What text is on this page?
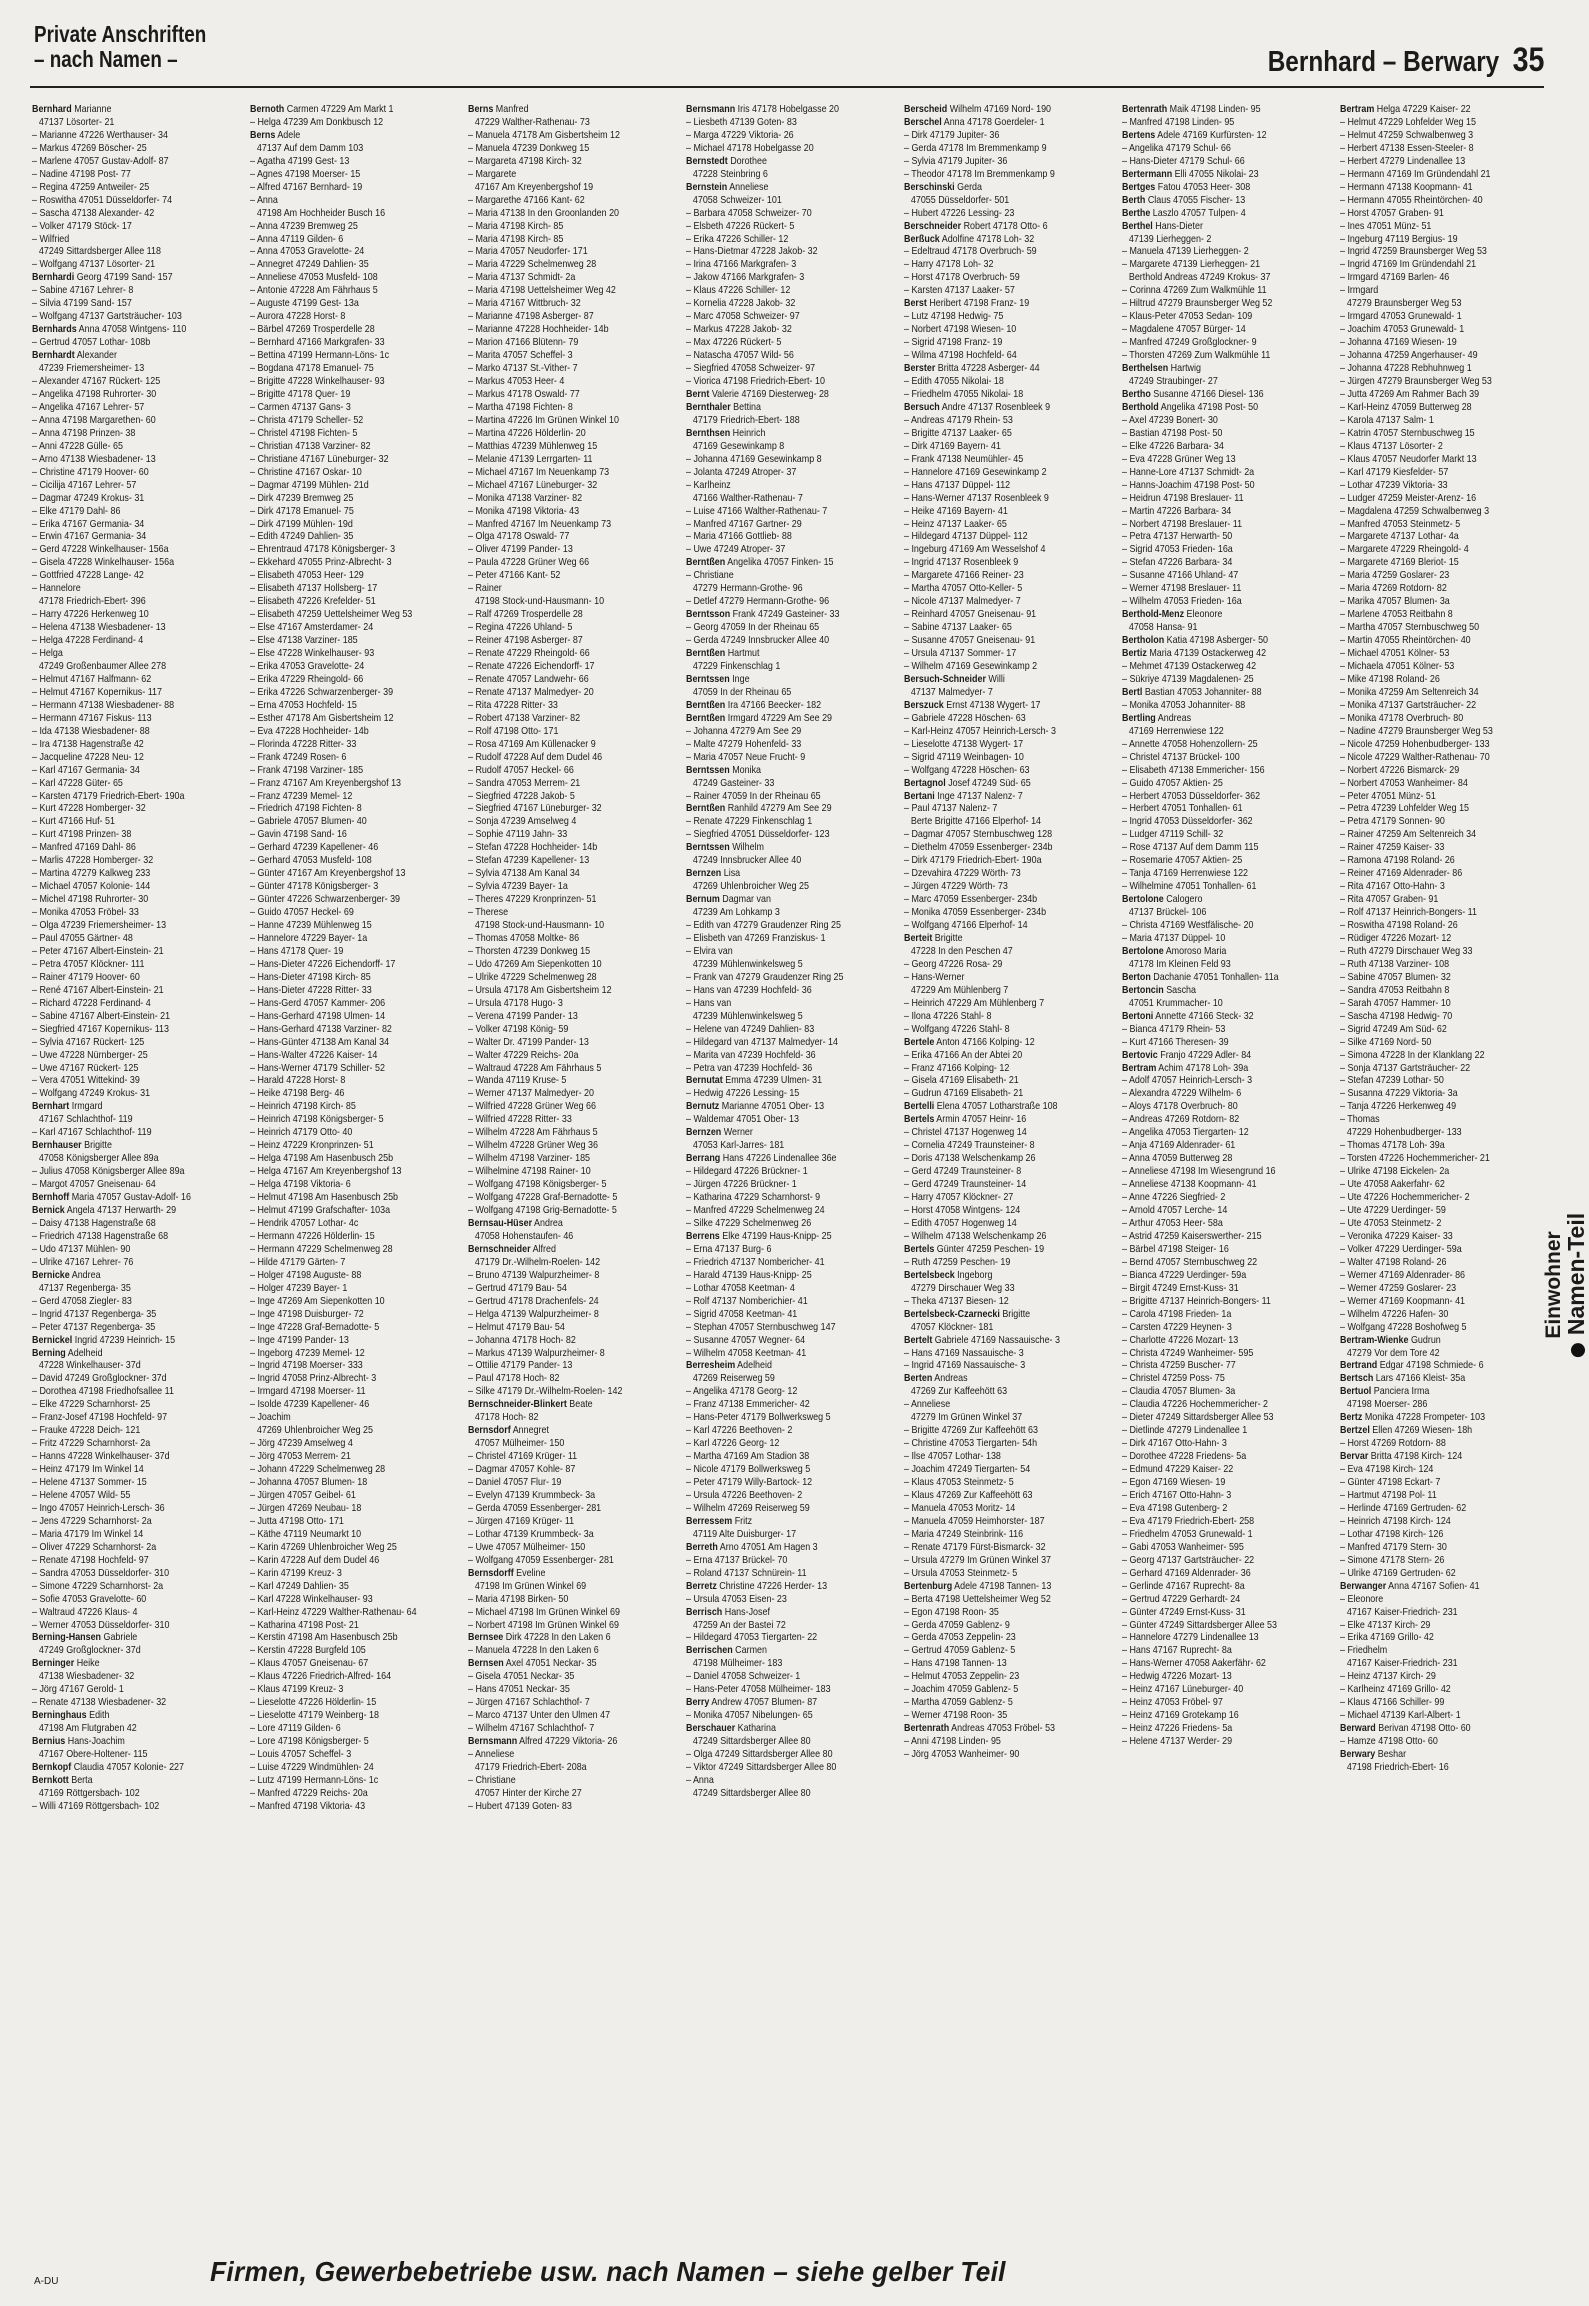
Private Anschriften
– nach Namen –	Bernhard – Berwary 35
Bernhard Marianne
47137 Lösorter- 21
– Marianne 47226 Werthauser- 34
– Markus 47269 Böscher- 25
– Marlene 47057 Gustav-Adolf- 87
– Nadine 47198 Post- 77
– Regina 47259 Antweiler- 25
– Roswitha 47051 Düsseldorfer- 74
– Sascha 47138 Alexander- 42
– Volker 47179 Stöck- 17
– Wilfried
47249 Sittardsberger Allee 118
– Wolfgang 47137 Lösorter- 21
Bernhardi Georg 47199 Sand- 157
– Sabine 47167 Lehrer- 8
– Silvia 47199 Sand- 157
– Wolfgang 47137 Gartsträucher- 103
Bernhards Anna 47058 Wintgens- 110
– Gertrud 47057 Lothar- 108b
Bernhardt Alexander
47239 Friemersheimer- 13
– Alexander 47167 Rückert- 125
– Angelika 47198 Ruhrorter- 30
– Angelika 47167 Lehrer- 57
– Anna 47198 Margarethen- 60
– Anna 47198 Prinzen- 38
– Anni 47228 Gülle- 65
– Arno 47138 Wiesbadener- 13
– Christine 47179 Hoover- 60
– Cicilija 47167 Lehrer- 57
– Dagmar 47249 Krokus- 31
– Elke 47179 Dahl- 86
– Erika 47167 Germania- 34
– Erwin 47167 Germania- 34
– Gerd 47228 Winkelhauser- 156a
– Gisela 47228 Winkelhauser- 156a
– Gottfried 47228 Lange- 42
– Hannelore
47178 Friedrich-Ebert- 396
– Harry 47226 Herkenweg 10
– Helena 47138 Wiesbadener- 13
– Helga 47228 Ferdinand- 4
– Helga
47249 Großenbaumer Allee 278
– Helmut 47167 Halfmann- 62
– Helmut 47167 Kopernikus- 117
– Hermann 47138 Wiesbadener- 88
– Hermann 47167 Fiskus- 113
– Ida 47138 Wiesbadener- 88
– Ira 47138 Hagenstraße 42
– Jacqueline 47228 Neu- 12
– Karl 47167 Germania- 34
– Karl 47228 Güter- 65
– Karsten 47179 Friedrich-Ebert- 190a
– Kurt 47228 Homberger- 32
– Kurt 47166 Huf- 51
– Kurt 47198 Prinzen- 38
– Manfred 47169 Dahl- 86
– Marlis 47228 Homberger- 32
– Martina 47279 Kalkweg 233
– Michael 47057 Kolonie- 144
– Michel 47198 Ruhrorter- 30
– Monika 47053 Fröbel- 33
– Olga 47239 Friemersheimer- 13
– Paul 47055 Gärtner- 48
– Peter 47167 Albert-Einstein- 21
– Petra 47057 Klöckner- 111
– Rainer 47179 Hoover- 60
– René 47167 Albert-Einstein- 21
– Richard 47228 Ferdinand- 4
– Sabine 47167 Albert-Einstein- 21
– Siegfried 47167 Kopernikus- 113
– Sylvia 47167 Rückert- 125
– Uwe 47228 Nürnberger- 25
– Uwe 47167 Rückert- 125
– Vera 47051 Wittekind- 39
– Wolfgang 47249 Krokus- 31
Bernhart Irmgard
47167 Schlachthof- 119
– Karl 47167 Schlachthof- 119
Bernhauser Brigitte
47058 Königsberger Allee 89a
– Julius 47058 Königsberger Allee 89a
– Margot 47057 Gneisenau- 64
Bernhoff Maria 47057 Gustav-Adolf- 16
Bernick Angela 47137 Herwarth- 29
– Daisy 47138 Hagenstraße 68
– Friedrich 47138 Hagenstraße 68
– Udo 47137 Mühlen- 90
– Ulrike 47167 Lehrer- 76
Bernicke Andrea
47137 Regenberga- 35
– Gerd 47058 Ziegler- 83
– Ingrid 47137 Regenberga- 35
– Peter 47137 Regenberga- 35
Bernickel Ingrid 47239 Heinrich- 15
Berning Adelheid
47228 Winkelhauser- 37d
– David 47249 Großglockner- 37d
– Dorothea 47198 Friedhofsallee 11
– Elke 47229 Scharnhorst- 25
– Franz-Josef 47198 Hochfeld- 97
– Frauke 47228 Deich- 121
– Fritz 47229 Scharnhorst- 2a
– Hanns 47228 Winkelhauser- 37d
– Heinz 47179 Im Winkel 14
– Helene 47137 Sommer- 15
– Helene 47057 Wild- 55
– Ingo 47057 Heinrich-Lersch- 36
– Jens 47229 Scharnhorst- 2a
– Maria 47179 Im Winkel 14
– Oliver 47229 Scharnhorst- 2a
– Renate 47198 Hochfeld- 97
– Sandra 47053 Düsseldorfer- 310
– Simone 47229 Scharnhorst- 2a
– Sofie 47053 Gravelotte- 60
– Waltraud 47226 Klaus- 4
– Werner 47053 Düsseldorfer- 310
Berning-Hansen Gabriele
47249 Großglockner- 37d
Berninger Heike
47138 Wiesbadener- 32
– Jörg 47167 Gerold- 1
– Renate 47138 Wiesbadener- 32
Berninghaus Edith
47198 Am Flutgraben 42
Bernius Hans-Joachim
47167 Obere-Holtener- 115
Bernkopf Claudia 47057 Kolonie- 227
Bernkott Berta
47169 Röttgersbach- 102
– Willi 47169 Röttgersbach- 102
Bernoth Carmen 47229 Am Markt 1
– Helga 47239 Am Donkbusch 12
Berns Adele
47137 Auf dem Damm 103
– Agatha 47199 Gest- 13
– Agnes 47198 Moerser- 15
– Alfred 47167 Bernhard- 19
– Anna
47198 Am Hochheider Busch 16
– Anna 47239 Bremweg 25
– Anna 47119 Gilden- 6
– Anna 47053 Gravelotte- 24
– Annegret 47249 Dahlien- 35
– Anneliese 47053 Musfeld- 108
– Antonie 47228 Am Fährhaus 5
– Auguste 47199 Gest- 13a
– Aurora 47228 Horst- 8
– Bärbel 47269 Trosperdelle 28
– Bernhard 47166 Markgrafen- 33
– Bettina 47199 Hermann-Löns- 1c
– Bogdana 47178 Emanuel- 75
– Brigitte 47228 Winkelhauser- 93
– Brigitte 47178 Quer- 19
– Carmen 47137 Gans- 3
– Christa 47179 Scheller- 52
– Christel 47198 Fichten- 5
– Christian 47138 Varziner- 82
– Christiane 47167 Lüneburger- 32
– Christine 47167 Oskar- 10
– Dagmar 47199 Mühlen- 21d
– Dirk 47239 Bremweg 25
– Dirk 47178 Emanuel- 75
– Dirk 47199 Mühlen- 19d
– Edith 47249 Dahlien- 35
– Ehrentraud 47178 Königsberger- 3
– Ekkehard 47055 Prinz-Albrecht- 3
– Elisabeth 47053 Heer- 129
– Elisabeth 47137 Hollsberg- 17
– Elisabeth 47226 Krefelder- 51
– Elisabeth 47259 Uettelsheimer Weg 53
– Else 47167 Amsterdamer- 24
– Else 47138 Varziner- 185
– Else 47228 Winkelhauser- 93
– Erika 47053 Gravelotte- 24
– Erika 47229 Rheingold- 66
– Erika 47226 Schwarzenberger- 39
– Erna 47053 Hochfeld- 15
– Esther 47178 Am Gisbertsheim 12
– Eva 47228 Hochheider- 14b
– Florinda 47228 Ritter- 33
– Frank 47249 Rosen- 6
– Frank 47198 Varziner- 185
– Franz 47167 Am Kreyenbergshof 13
– Franz 47239 Memel- 12
– Friedrich 47198 Fichten- 8
– Gabriele 47057 Blumen- 40
– Gavin 47198 Sand- 16
– Gerhard 47239 Kapellener- 46
– Gerhard 47053 Musfeld- 108
– Günter 47167 Am Kreyenbergshof 13
– Günter 47178 Königsberger- 3
– Günter 47226 Schwarzenberger- 39
– Guido 47057 Heckel- 69
– Hanne 47239 Mühlenweg 15
– Hannelore 47229 Bayer- 1a
– Hans 47178 Quer- 19
– Hans-Dieter 47226 Eichendorff- 17
– Hans-Dieter 47198 Kirch- 85
– Hans-Dieter 47228 Ritter- 33
– Hans-Gerd 47057 Kammer- 206
– Hans-Gerhard 47198 Ulmen- 14
– Hans-Gerhard 47138 Varziner- 82
– Hans-Günter 47138 Am Kanal 34
– Hans-Walter 47226 Kaiser- 14
– Hans-Werner 47179 Schiller- 52
– Harald 47228 Horst- 8
– Heike 47198 Berg- 46
– Heinrich 47198 Kirch- 85
– Heinrich 47198 Königsberger- 5
– Heinrich 47179 Otto- 40
– Heinz 47229 Kronprinzen- 51
– Helga 47198 Am Hasenbusch 25b
– Helga 47167 Am Kreyenbergshof 13
– Helga 47198 Viktoria- 6
– Helmut 47198 Am Hasenbusch 25b
– Helmut 47199 Grafschafter- 103a
– Hendrik 47057 Lothar- 4c
– Hermann 47226 Hölderlin- 15
– Hermann 47229 Schelmenweg 28
– Hilde 47179 Gärten- 7
– Holger 47198 Auguste- 88
– Holger 47239 Bayer- 1
– Inge 47269 Am Siepenkotten 10
– Inge 47198 Duisburger- 72
– Inge 47228 Graf-Bernadotte- 5
– Inge 47199 Pander- 13
– Ingeborg 47239 Memel- 12
– Ingrid 47198 Moerser- 333
– Ingrid 47058 Prinz-Albrecht- 3
– Irmgard 47198 Moerser- 11
– Isolde 47239 Kapellener- 46
– Joachim
47269 Uhlenbroicher Weg 25
– Jörg 47239 Amselweg 4
– Jörg 47053 Merrem- 21
– Johann 47229 Schelmenweg 28
– Johanna 47057 Blumen- 18
– Jürgen 47057 Geibel- 61
– Jürgen 47269 Neubau- 18
– Jutta 47198 Otto- 171
– Käthe 47119 Neumarkt 10
– Karin 47269 Uhlenbroicher Weg 25
– Karin 47228 Auf dem Dudel 46
– Karin 47199 Kreuz- 3
– Karl 47249 Dahlien- 35
– Karl 47228 Winkelhauser- 93
– Karl-Heinz 47229 Walther-Rathenau- 64
– Katharina 47198 Post- 21
– Kerstin 47198 Am Hasenbusch 25b
– Kerstin 47228 Burgfeld 105
– Klaus 47057 Gneisenau- 67
– Klaus 47226 Friedrich-Alfred- 164
– Klaus 47199 Kreuz- 3
– Lieselotte 47226 Hölderlin- 15
– Lieselotte 47179 Weinberg- 18
– Lore 47119 Gilden- 6
– Lore 47198 Königsberger- 5
– Louis 47057 Scheffel- 3
– Luise 47229 Windmühlen- 24
– Lutz 47199 Hermann-Löns- 1c
– Manfred 47229 Reichs- 20a
– Manfred 47198 Viktoria- 43
Berns Manfred
47229 Walther-Rathenau- 73
– Manuela 47178 Am Gisbertsheim 12
– Manuela 47239 Donkweg 15
– Margareta 47198 Kirch- 32
– Margarete
47167 Am Kreyenbergshof 19
– Margarethe 47166 Kant- 62
– Maria 47138 In den Groonlanden 20
– Maria 47198 Kirch- 85
– Maria 47198 Kirch- 85
– Maria 47057 Neudorfer- 171
– Maria 47229 Schelmenweg 28
– Maria 47137 Schmidt- 2a
– Maria 47198 Uettelsheimer Weg 42
– Maria 47167 Wittbruch- 32
– Marianne 47198 Asberger- 87
– Marianne 47228 Hochheider- 14b
– Marion 47166 Blütenn- 79
– Marita 47057 Scheffel- 3
– Marko 47137 St.-Vither- 7
– Markus 47053 Heer- 4
– Markus 47178 Oswald- 77
– Martha 47198 Fichten- 8
– Martina 47226 Im Grünen Winkel 10
– Martina 47226 Hölderlin- 20
– Matthias 47239 Mühlenweg 15
– Melanie 47139 Lerrgarten- 11
– Michael 47167 Im Neuenkamp 73
– Michael 47167 Lüneburger- 32
– Monika 47138 Varziner- 82
– Monika 47198 Viktoria- 43
– Manfred 47167 Im Neuenkamp 73
– Olga 47178 Oswald- 77
– Oliver 47199 Pander- 13
– Paula 47228 Grüner Weg 66
– Peter 47166 Kant- 52
– Rainer
47198 Stock-und-Hausmann- 10
– Ralf 47269 Trosperdelle 28
– Regina 47226 Uhland- 5
– Reiner 47198 Asberger- 87
– Renate 47229 Rheingold- 66
– Renate 47226 Eichendorff- 17
– Renate 47057 Landwehr- 66
– Renate 47137 Malmedyer- 20
– Rita 47228 Ritter- 33
– Robert 47138 Varziner- 82
– Rolf 47198 Otto- 171
– Rosa 47169 Am Küllenacker 9
– Rudolf 47228 Auf dem Dudel 46
– Rudolf 47057 Heckel- 66
– Sandra 47053 Merrem- 21
– Siegfried 47228 Jakob- 5
– Siegfried 47167 Lüneburger- 32
– Sonja 47239 Amselweg 4
– Sophie 47119 Jahn- 33
– Stefan 47228 Hochheider- 14b
– Stefan 47239 Kapellener- 13
– Sylvia 47138 Am Kanal 34
– Sylvia 47239 Bayer- 1a
– Theres 47229 Kronprinzen- 51
– Therese
47198 Stock-und-Hausmann- 10
– Thomas 47058 Moltke- 86
– Thorsten 47239 Donkweg 15
– Udo 47269 Am Siepenkotten 10
– Ulrike 47229 Schelmenweg 28
– Ursula 47178 Am Gisbertsheim 12
– Ursula 47178 Hugo- 3
– Verena 47199 Pander- 13
– Volker 47198 König- 59
– Walter Dr. 47199 Pander- 13
– Walter 47229 Reichs- 20a
– Waltraud 47228 Am Fährhaus 5
– Wanda 47119 Kruse- 5
– Werner 47137 Malmedyer- 20
– Wilfried 47228 Grüner Weg 66
– Wilfried 47228 Ritter- 33
– Wilhelm 47228 Am Fährhaus 5
– Wilhelm 47228 Grüner Weg 36
– Wilhelm 47198 Varziner- 185
– Wilhelmine 47198 Rainer- 10
– Wolfgang 47198 Königsberger- 5
– Wolfgang 47228 Graf-Bernadotte- 5
– Wolfgang 47198 Grig-Bernadotte- 5
Bernsau-Hüser Andrea
47058 Hohenstaufen- 46
Bernschneider Alfred
47179 Dr.-Wilhelm-Roelen- 142
– Bruno 47139 Walpurzheimer- 8
– Gertrud 47179 Bau- 54
– Gertrud 47178 Drachenfels- 24
– Helga 47139 Walpurzheimer- 8
– Helmut 47179 Bau- 54
– Johanna 47178 Hoch- 82
– Markus 47139 Walpurzheimer- 8
– Ottilie 47179 Pander- 13
– Paul 47178 Hoch- 82
– Silke 47179 Dr.-Wilhelm-Roelen- 142
Bernschneider-Blinkert Beate
47178 Hoch- 82
Bernsdorf Annegret
47057 Mülheimer- 150
– Christel 47169 Krüger- 11
– Dagmar 47057 Kohle- 87
– Daniel 47057 Flur- 19
– Evelyn 47139 Krummbeck- 3a
– Gerda 47059 Essenberger- 281
– Jürgen 47169 Krüger- 11
– Lothar 47139 Krummbeck- 3a
– Uwe 47057 Mülheimer- 150
– Wolfgang 47059 Essenberger- 281
Bernsdorff Eveline
47198 Im Grünen Winkel 69
– Maria 47198 Birken- 50
– Michael 47198 Im Grünen Winkel 69
– Norbert 47198 Im Grünen Winkel 69
Bernsee Dirk 47228 In den Laken 6
– Manuela 47228 In den Laken 6
Bernsen Axel 47051 Neckar- 35
– Gisela 47051 Neckar- 35
– Hans 47051 Neckar- 35
– Jürgen 47167 Schlachthof- 7
– Marco 47137 Unter den Ulmen 47
– Wilhelm 47167 Schlachthof- 7
Bernsmann Alfred 47229 Viktoria- 26
– Anneliese
47179 Friedrich-Ebert- 208a
– Christiane
47057 Hinter der Kirche 27
– Hubert 47139 Goten- 83
Bernsmann Iris 47178 Hobelgasse 20
– Liesbeth 47139 Goten- 83
– Marga 47229 Viktoria- 26
– Michael 47178 Hobelgasse 20
Bernstedt Dorothee
47228 Steinbring 6
Bernstein Anneliese
47058 Schweizer- 101
– Barbara 47058 Schweizer- 70
– Elsbeth 47226 Rückert- 5
– Erika 47226 Schiller- 12
– Hans-Dietmar 47228 Jakob- 32
– Irina 47166 Markgrafen- 3
– Jakow 47166 Markgrafen- 3
– Klaus 47226 Schiller- 12
– Kornelia 47228 Jakob- 32
– Marc 47058 Schweizer- 97
– Markus 47228 Jakob- 32
– Max 47226 Rückert- 5
– Natascha 47057 Wild- 56
– Siegfried 47058 Schweizer- 97
– Viorica 47198 Friedrich-Ebert- 10
Bernt Valerie 47169 Diesterweg- 28
Bernthaler Bettina
47179 Friedrich-Ebert- 188
Bernthsen Heinrich
47169 Gesewinkamp 8
– Johanna 47169 Gesewinkamp 8
– Jolanta 47249 Atroper- 37
– Karlheinz
47166 Walther-Rathenau- 7
– Luise 47166 Walther-Rathenau- 7
– Manfred 47167 Gartner- 29
– Maria 47166 Gottlieb- 88
– Uwe 47249 Atroper- 37
Berntßen Angelika 47057 Finken- 15
– Christiane
47279 Hermann-Grothe- 96
– Detlef 47279 Hermann-Grothe- 96
Berntsson Frank 47249 Gasteiner- 33
– Georg 47059 In der Rheinau 65
– Gerda 47249 Innsbrucker Allee 40
Berntßen Hartmut
47229 Finkenschlag 1
Berntssen Inge
47059 In der Rheinau 65
Berntßen Ira 47166 Beecker- 182
Berntßen Irmgard 47229 Am See 29
– Johanna 47279 Am See 29
– Malte 47279 Hohenfeld- 33
– Maria 47057 Neue Frucht- 9
Berntssen Monika
47249 Gasteiner- 33
– Rainer 47059 In der Rheinau 65
Berntßen Ranhild 47279 Am See 29
– Renate 47229 Finkenschlag 1
– Siegfried 47051 Düsseldorfer- 123
Berntssen Wilhelm
47249 Innsbrucker Allee 40
Bernzen Lisa
47269 Uhlenbroicher Weg 25
Bernum Dagmar van
47239 Am Lohkamp 3
– Edith van 47279 Graudenzer Ring 25
– Elisbeth van 47269 Franziskus- 1
– Elvira van
47239 Mühlenwinkelsweg 5
– Frank van 47279 Graudenzer Ring 25
– Hans van 47239 Hochfeld- 36
– Hans van
47239 Mühlenwinkelsweg 5
– Helene van 47249 Dahlien- 83
– Hildegard van 47137 Malmedyer- 14
– Marita van 47239 Hochfeld- 36
– Petra van 47239 Hochfeld- 36
Bernutat Emma 47239 Ulmen- 31
– Hedwig 47226 Lessing- 15
Bernutz Marianne 47051 Ober- 13
– Waldemar 47051 Ober- 13
Bernzen Werner
47053 Karl-Jarres- 181
Berrang Hans 47226 Lindenallee 36e
– Hildegard 47226 Brückner- 1
– Jürgen 47226 Brückner- 1
– Katharina 47229 Scharnhorst- 9
– Manfred 47229 Schelmenweg 24
– Silke 47229 Schelmenweg 26
Berrens Elke 47199 Haus-Knipp- 25
– Erna 47137 Burg- 6
– Friedrich 47137 Nombericher- 41
– Harald 47139 Haus-Knipp- 25
– Lothar 47058 Keetman- 4
– Rolf 47137 Nomberichier- 41
– Sigrid 47058 Keetman- 41
– Stephan 47057 Sternbuschweg 147
– Susanne 47057 Wegner- 64
– Wilhelm 47058 Keetman- 41
Berresheim Adelheid
47269 Reiserweg 59
– Angelika 47178 Georg- 12
– Franz 47138 Emmericher- 42
– Hans-Peter 47179 Bollwerksweg 5
– Karl 47226 Beethoven- 2
– Karl 47226 Georg- 12
– Martha 47169 Am Stadion 38
– Nicole 47179 Bollwerksweg 5
– Peter 47179 Willy-Bartock- 12
– Ursula 47226 Beethoven- 2
– Wilhelm 47269 Reiserweg 59
Berressem Fritz
47119 Alte Duisburger- 17
Berreth Arno 47051 Am Hagen 3
– Erna 47137 Brückel- 70
– Roland 47137 Schnürein- 11
Berretz Christine 47226 Herder- 13
– Ursula 47053 Eisen- 23
Berrisch Hans-Josef
47259 An der Bastei 72
– Hildegard 47053 Tiergarten- 22
Berrischen Carmen
47198 Mülheimer- 183
– Daniel 47058 Schweizer- 1
– Hans-Peter 47058 Mülheimer- 183
Berry Andrew 47057 Blumen- 87
– Monika 47057 Nibelungen- 65
Berschauer Katharina
47249 Sittardsberger Allee 80
– Olga 47249 Sittardsberger Allee 80
– Viktor 47249 Sittardsberger Allee 80
– Anna
47249 Sittardsberger Allee 80
Berscheid Wilhelm 47169 Nord- 190
Berschel Anna 47178 Goerdeler- 1
– Dirk 47179 Jupiter- 36
– Gerda 47178 Im Bremmenkamp 9
– Sylvia 47179 Jupiter- 36
– Theodor 47178 Im Bremmenkamp 9
Berschinski Gerda
47055 Düsseldorfer- 501
– Hubert 47226 Lessing- 23
Berschneider Robert 47178 Otto- 6
Berßuck Adolfine 47178 Loh- 32
– Edeltraud 47178 Overbruch- 59
– Harry 47178 Loh- 32
– Horst 47178 Overbruch- 59
– Karsten 47137 Laaker- 57
Berst Heribert 47198 Franz- 19
– Lutz 47198 Hedwig- 75
– Norbert 47198 Wiesen- 10
– Sigrid 47198 Franz- 19
– Wilma 47198 Hochfeld- 64
Berster Britta 47228 Asberger- 44
– Edith 47055 Nikolai- 18
– Friedhelm 47055 Nikolai- 18
Bersuch Andre 47137 Rosenbleek 9
– Andreas 47179 Rhein- 53
– Brigitte 47137 Laaker- 65
– Dirk 47169 Bayern- 41
– Frank 47138 Neumühler- 45
– Hannelore 47169 Gesewinkamp 2
– Hans 47137 Düppel- 112
– Hans-Werner 47137 Rosenbleek 9
– Heike 47169 Bayern- 41
– Heinz 47137 Laaker- 65
– Hildegard 47137 Düppel- 112
– Ingeburg 47169 Am Wesselshof 4
– Ingrid 47137 Rosenbleek 9
– Margarete 47166 Reiner- 23
– Martha 47057 Otto-Keller- 5
– Nicole 47137 Malmedyer- 7
– Reinhard 47057 Gneisenau- 91
– Sabine 47137 Laaker- 65
– Susanne 47057 Gneisenau- 91
– Ursula 47137 Sommer- 17
– Wilhelm 47169 Gesewinkamp 2
Bersuch-Schneider Willi
47137 Malmedyer- 7
Berszuck Ernst 47138 Wygert- 17
– Gabriele 47228 Höschen- 63
– Karl-Heinz 47057 Heinrich-Lersch- 3
– Lieselotte 47138 Wygert- 17
– Sigrid 47119 Weinbagen- 10
– Wolfgang 47228 Höschen- 63
Bertagnol Josef 47249 Süd- 65
Bertani Inge 47137 Nalenz- 7
– Paul 47137 Nalenz- 7
Berte Brigitte 47166 Elperhof- 14
– Dagmar 47057 Sternbuschweg 128
– Diethelm 47059 Essenberger- 234b
– Dirk 47179 Friedrich-Ebert- 190a
– Dzevahira 47229 Wörth- 73
– Jürgen 47229 Wörth- 73
– Marc 47059 Essenberger- 234b
– Monika 47059 Essenberger- 234b
– Wolfgang 47166 Elperhof- 14
Berteit Brigitte
47228 In den Peschen 47
– Georg 47226 Rosa- 29
– Hans-Werner
47229 Am Mühlenberg 7
– Heinrich 47229 Am Mühlenberg 7
– Ilona 47226 Stahl- 8
– Wolfgang 47226 Stahl- 8
Bertele Anton 47166 Kolping- 12
– Erika 47166 An der Abtei 20
– Franz 47166 Kolping- 12
– Gisela 47169 Elisabeth- 21
– Gudrun 47169 Elisabeth- 21
Bertelli Elena 47057 Lotharstraße 108
Bertels Armin 47057 Heinr- 16
– Christel 47137 Hogenweg 14
– Cornelia 47249 Traunsteiner- 8
– Doris 47138 Welschenkamp 26
– Gerd 47249 Traunsteiner- 8
– Gerd 47249 Traunsteiner- 14
– Harry 47057 Klöckner- 27
– Horst 47058 Wintgens- 124
– Edith 47057 Hogenweg 14
– Wilhelm 47138 Welschenkamp 26
Bertels Günter 47259 Peschen- 19
– Ruth 47259 Peschen- 19
Bertelsbeck Ingeborg
47279 Dirschauer Weg 33
– Theka 47137 Biesen- 12
Bertelsbeck-Czarnecki Brigitte
47057 Klöckner- 181
Bertelt Gabriele 47169 Nassauische- 3
– Hans 47169 Nassauische- 3
– Ingrid 47169 Nassauische- 3
Berten Andreas
47269 Zur Kaffeehött 63
– Anneliese
47279 Im Grünen Winkel 37
– Brigitte 47269 Zur Kaffeehött 63
– Christine 47053 Tiergarten- 54h
– Ilse 47057 Lothar- 138
– Joachim 47249 Tiergarten- 54
– Klaus 47053 Steinmetz- 5
– Klaus 47269 Zur Kaffeehött 63
– Manuela 47053 Moritz- 14
– Manuela 47059 Heimhorster- 187
– Maria 47249 Steinbrink- 116
– Renate 47179 Fürst-Bismarck- 32
– Ursula 47279 Im Grünen Winkel 37
– Ursula 47053 Steinmetz- 5
Bertenburg Adele 47198 Tannen- 13
– Berta 47198 Uettelsheimer Weg 52
– Egon 47198 Roon- 35
– Gerda 47059 Gablenz- 9
– Gerda 47053 Zeppelin- 23
– Gertrud 47059 Gablenz- 5
– Hans 47198 Tannen- 13
– Helmut 47053 Zeppelin- 23
– Joachim 47059 Gablenz- 5
– Martha 47059 Gablenz- 5
– Werner 47198 Roon- 35
Bertenrath Andreas 47053 Fröbel- 53
– Anni 47198 Linden- 95
– Jörg 47053 Wanheimer- 90
Bertenrath Maik 47198 Linden- 95
– Manfred 47198 Linden- 95
Bertens Adele 47169 Kurfürsten- 12
– Angelika 47179 Schul- 66
– Hans-Dieter 47179 Schul- 66
Bertermann Elli 47055 Nikolai- 23
Bertges Fatou 47053 Heer- 308
Berth Claus 47055 Fischer- 13
Berthe Laszlo 47057 Tulpen- 4
Berthel Hans-Dieter
47139 Lierheggen- 2
– Manuela 47139 Lierheggen- 2
– Margarete 47139 Lierheggen- 21
Berthold Andreas 47249 Krokus- 37
– Corinna 47269 Zum Walkmühle 11
– Hiltrud 47279 Braunsberger Weg 52
– Klaus-Peter 47053 Sedan- 109
– Magdalene 47057 Bürger- 14
– Manfred 47249 Großglockner- 9
– Thorsten 47269 Zum Walkmühle 11
Berthelsen Hartwig
47249 Straubinger- 27
Bertho Susanne 47166 Diesel- 136
Berthold Angelika 47198 Post- 50
– Axel 47239 Bonert- 30
– Bastian 47198 Post- 50
– Elke 47226 Barbara- 34
– Eva 47228 Grüner Weg 13
– Hanne-Lore 47137 Schmidt- 2a
– Hanns-Joachim 47198 Post- 50
– Heidrun 47198 Breslauer- 11
– Martin 47226 Barbara- 34
– Norbert 47198 Breslauer- 11
– Petra 47137 Herwarth- 50
– Sigrid 47053 Frieden- 16a
– Stefan 47226 Barbara- 34
– Susanne 47166 Uhland- 47
– Werner 47198 Breslauer- 11
– Wilhelm 47053 Frieden- 16a
Berthold-Menz Eleonore
47058 Hansa- 91
Bertholon Katia 47198 Asberger- 50
Bertiz Maria 47139 Ostackerweg 42
– Mehmet 47139 Ostackerweg 42
– Sükriye 47139 Magdalenen- 25
Bertl Bastian 47053 Johanniter- 88
– Monika 47053 Johanniter- 88
Bertling Andreas
47169 Herrenwiese 122
– Annette 47058 Hohenzollern- 25
– Christel 47137 Brückel- 100
– Elisabeth 47138 Emmericher- 156
– Guido 47057 Aktien- 25
– Herbert 47053 Düsseldorfer- 362
– Herbert 47051 Tonhallen- 61
– Ingrid 47053 Düsseldorfer- 362
– Ludger 47119 Schill- 32
– Rose 47137 Auf dem Damm 115
– Rosemarie 47057 Aktien- 25
– Tanja 47169 Herrenwiese 122
– Wilhelmine 47051 Tonhallen- 61
Bertolone Calogero
47137 Brückel- 106
– Christa 47169 Westfälische- 20
– Maria 47137 Düppel- 10
Bertolone Amoroso Maria
47178 Im Kleinen Feld 93
Berton Dachanie 47051 Tonhallen- 11a
Bertoncin Sascha
47051 Krummacher- 10
Bertoni Annette 47166 Steck- 32
– Bianca 47179 Rhein- 53
– Kurt 47166 Theresen- 39
Bertovic Franjo 47229 Adler- 84
Bertram Achim 47178 Loh- 39a
– Adolf 47057 Heinrich-Lersch- 3
– Alexandra 47229 Wilhelm- 6
– Aloys 47178 Overbruch- 80
– Andreas 47269 Rotdorn- 82
– Angelika 47053 Tiergarten- 12
– Anja 47169 Aldenrader- 61
– Anna 47059 Butterweg 28
– Anneliese 47198 Im Wiesengrund 16
– Anneliese 47138 Koopmann- 41
– Anne 47226 Siegfried- 2
– Arnold 47057 Lerche- 14
– Arthur 47053 Heer- 58a
– Astrid 47259 Kaiserswerther- 215
– Bärbel 47198 Steiger- 16
– Bernd 47057 Sternbuschweg 22
– Bianca 47229 Uerdinger- 59a
– Birgit 47249 Ernst-Kuss- 31
– Brigitte 47137 Heinrich-Bongers- 11
– Carola 47198 Frieden- 1a
– Carsten 47229 Heynen- 3
– Charlotte 47226 Mozart- 13
– Christa 47249 Wanheimer- 595
– Christa 47259 Buscher- 77
– Christel 47259 Poss- 75
– Claudia 47057 Blumen- 3a
– Claudia 47226 Hochemmericher- 2
– Dieter 47249 Sittardsberger Allee 53
– Dietlinde 47279 Lindenallee 1
– Dirk 47167 Otto-Hahn- 3
– Dorothee 47228 Friedens- 5a
– Edmund 47229 Kaiser- 22
– Egon 47169 Wiesen- 19
– Erich 47167 Otto-Hahn- 3
– Eva 47198 Gutenberg- 2
– Eva 47179 Friedrich-Ebert- 258
– Friedhelm 47053 Grunewald- 1
– Gabi 47053 Wanheimer- 595
– Georg 47137 Gartsträucher- 22
– Gerhard 47169 Aldenrader- 36
– Gerlinde 47167 Ruprecht- 8a
– Gertrud 47229 Gerhardt- 24
– Günter 47249 Ernst-Kuss- 31
– Günter 47249 Sittardsberger Allee 53
– Hannelore 47279 Lindenallee 13
– Hans 47167 Ruprecht- 8a
– Hans-Werner 47058 Aakerfähr- 62
– Hedwig 47226 Mozart- 13
– Heinz 47167 Lüneburger- 40
– Heinz 47053 Fröbel- 97
– Heinz 47169 Grotekamp 16
– Heinz 47226 Friedens- 5a
– Helene 47137 Werder- 29
Bertram Helga 47229 Kaiser- 22
– Helmut 47229 Lohfelder Weg 15
– Helmut 47259 Schwalbenweg 3
– Herbert 47138 Essen-Steeler- 8
– Herbert 47279 Lindenallee 13
– Hermann 47169 Im Gründendahl 21
– Hermann 47138 Koopmann- 41
– Hermann 47055 Rheintörchen- 40
– Horst 47057 Graben- 91
– Ines 47051 Münz- 51
– Ingeburg 47119 Bergius- 19
– Ingrid 47259 Braunsberger Weg 53
– Ingrid 47169 Im Gründendahl 21
– Irmgard 47169 Barlen- 46
– Irmgard
47279 Braunsberger Weg 53
– Irmgard 47053 Grunewald- 1
– Joachim 47053 Grunewald- 1
– Johanna 47169 Wiesen- 19
– Johanna 47259 Angerhauser- 49
– Johanna 47228 Rebhuhnweg 1
– Jürgen 47279 Braunsberger Weg 53
– Jutta 47269 Am Rahmer Bach 39
– Karl-Heinz 47059 Butterweg 28
– Karola 47137 Salm- 1
– Katrin 47057 Sternbuschweg 15
– Klaus 47137 Lösorter- 2
– Klaus 47057 Neudorfer Markt 13
– Karl 47179 Kiesfelder- 57
– Lothar 47239 Viktoria- 33
– Ludger 47259 Meister-Arenz- 16
– Magdalena 47259 Schwalbenweg 3
– Manfred 47053 Steinmetz- 5
– Margarete 47137 Lothar- 4a
– Margarete 47229 Rheingold- 4
– Margarete 47169 Bleriot- 15
– Maria 47259 Goslarer- 23
– Maria 47269 Rotdorn- 82
– Marika 47057 Blumen- 3a
– Marlene 47053 Reitbahn 8
– Martha 47057 Sternbuschweg 50
– Martin 47055 Rheintörchen- 40
– Michael 47051 Kölner- 53
– Michaela 47051 Kölner- 53
– Mike 47198 Roland- 26
– Monika 47259 Am Seltenreich 34
– Monika 47137 Gartsträucher- 22
– Monika 47178 Overbruch- 80
– Nadine 47279 Braunsberger Weg 53
– Nicole 47259 Hohenbudberger- 133
– Nicole 47229 Walther-Rathenau- 70
– Norbert 47226 Bismarck- 29
– Norbert 47053 Wanheimer- 84
– Peter 47051 Münz- 51
– Petra 47239 Lohfelder Weg 15
– Petra 47179 Sonnen- 90
– Rainer 47259 Am Seltenreich 34
– Rainer 47259 Kaiser- 33
– Ramona 47198 Roland- 26
– Reiner 47169 Aldenrader- 86
– Rita 47167 Otto-Hahn- 3
– Rita 47057 Graben- 91
– Rolf 47137 Heinrich-Bongers- 11
– Roswitha 47198 Roland- 26
– Rüdiger 47226 Mozart- 12
– Ruth 47279 Dirschauer Weg 33
– Ruth 47138 Varziner- 108
– Sabine 47057 Blumen- 32
– Sandra 47053 Reitbahn 8
– Sarah 47057 Hammer- 10
– Sascha 47198 Hedwig- 70
– Sigrid 47249 Am Süd- 62
– Silke 47169 Nord- 50
– Simona 47228 In der Klanklang 22
– Sonja 47137 Gartsträucher- 22
– Stefan 47239 Lothar- 50
– Susanna 47229 Viktoria- 3a
– Tanja 47226 Herkenweg 49
– Thomas
47229 Hohenbudberger- 133
– Thomas 47178 Loh- 39a
– Torsten 47226 Hochemmericher- 21
– Ulrike 47198 Eickelen- 2a
– Ute 47058 Aakerfahr- 62
– Ute 47226 Hochemmericher- 2
– Ute 47229 Uerdinger- 59
– Ute 47053 Steinmetz- 2
– Veronika 47229 Kaiser- 33
– Volker 47229 Uerdinger- 59a
– Walter 47198 Roland- 26
– Werner 47169 Aldenrader- 86
– Werner 47259 Goslarer- 23
– Werner 47169 Koopmann- 41
– Wilhelm 47226 Hafen- 30
– Wolfgang 47228 Boshofweg 5
Bertram-Wienke Gudrun
47279 Vor dem Tore 42
Bertrand Edgar 47198 Schmiede- 6
Bertsch Lars 47166 Kleist- 35a
Bertuol Panciera Irma
47198 Moerser- 286
Bertz Monika 47228 Frompeter- 103
Bertzel Ellen 47269 Wiesen- 18h
– Horst 47269 Rotdorn- 88
Bervar Britta 47198 Kirch- 124
– Eva 47198 Kirch- 124
– Günter 47198 Eckart- 7
– Hartmut 47198 Pol- 11
– Herlinde 47169 Gertruden- 62
– Heinrich 47198 Kirch- 124
– Lothar 47198 Kirch- 126
– Manfred 47179 Stern- 30
– Simone 47178 Stern- 26
– Ulrike 47169 Gertruden- 62
Berwanger Anna 47167 Sofien- 41
– Eleonore
47167 Kaiser-Friedrich- 231
– Elke 47137 Kirch- 29
– Erika 47169 Grillo- 42
– Friedhelm
47167 Kaiser-Friedrich- 231
– Heinz 47137 Kirch- 29
– Karlheinz 47169 Grillo- 42
– Klaus 47166 Schiller- 99
– Michael 47139 Karl-Albert- 1
Berward Berivan 47198 Otto- 60
– Hamze 47198 Otto- 60
Berwary Beshar
47198 Friedrich-Ebert- 16
Einwohner
Namen-Teil
A-DU	Firmen, Gewerbebetriebe usw. nach Namen – siehe gelber Teil
